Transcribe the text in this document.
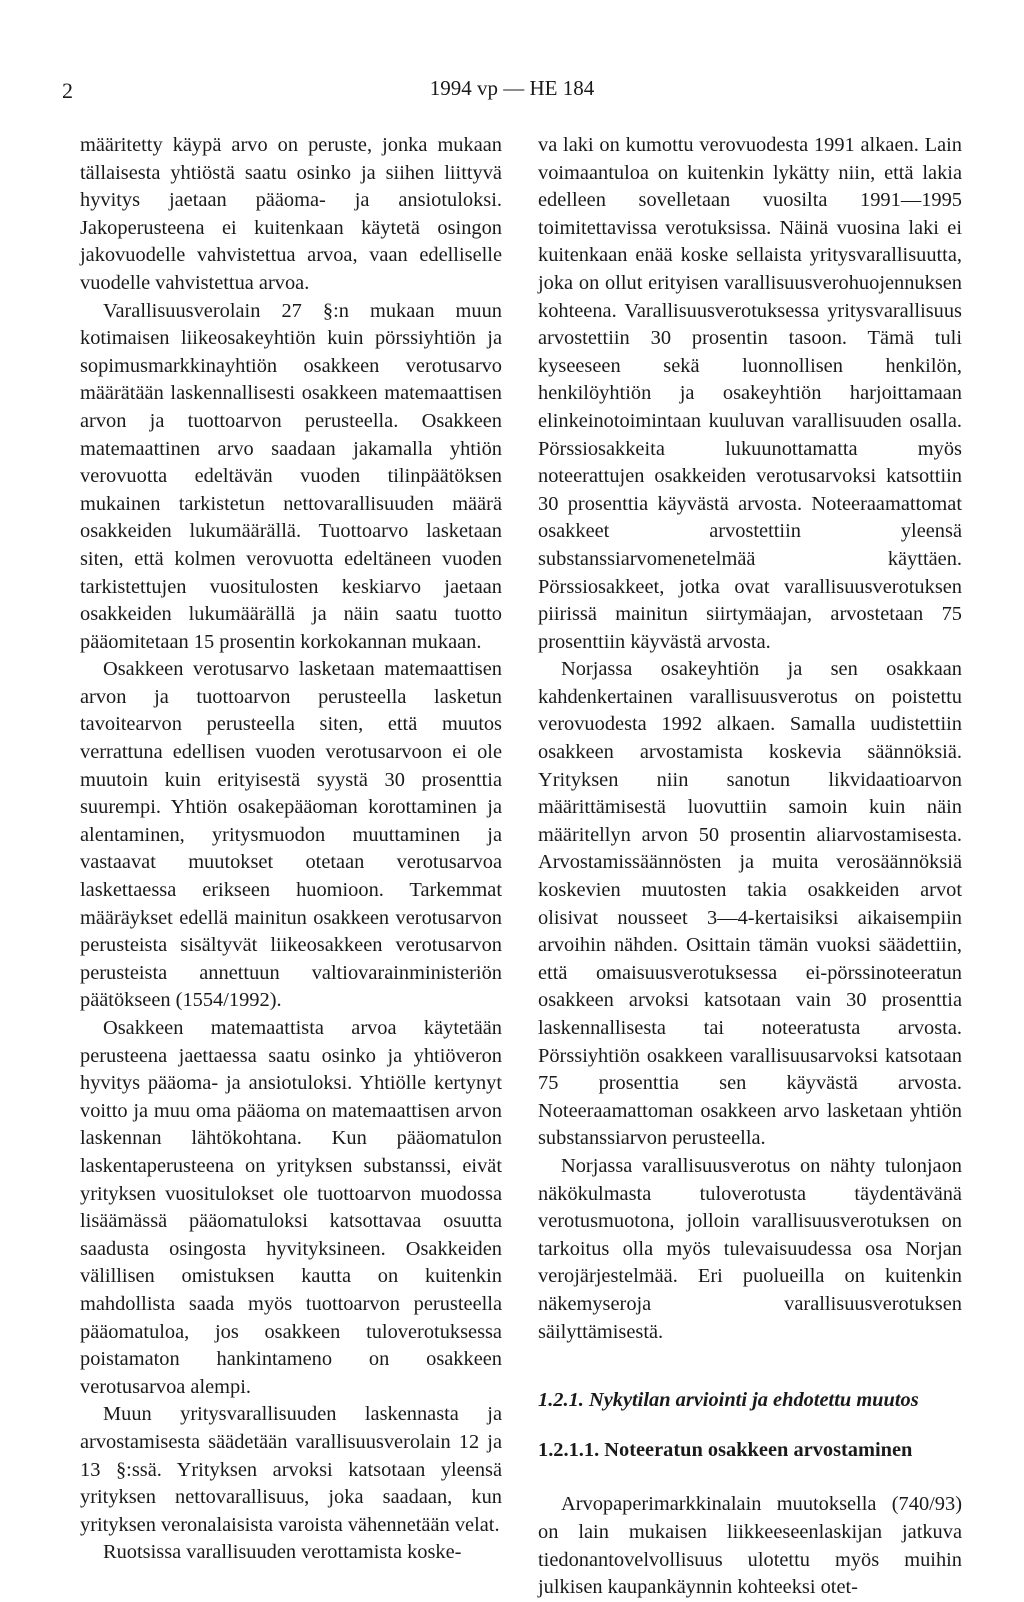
2	1994 vp — HE 184

määritetty käypä arvo on peruste, jonka mukaan tällaisesta yhtiöstä saatu osinko ja siihen liittyvä hyvitys jaetaan pääoma- ja ansiotuloksi. Jakoperusteena ei kuitenkaan käytetä osingon jakovuodelle vahvistettua arvoa, vaan edelliselle vuodelle vahvistettua arvoa.

Varallisuusverolain 27 §:n mukaan muun kotimaisen liikeosakeyhtiön kuin pörssiyhtiön ja sopimusmarkkinayhtiön osakkeen verotusarvo määrätään laskennallisesti osakkeen matemaattisen arvon ja tuottoarvon perusteella. Osakkeen matemaattinen arvo saadaan jakamalla yhtiön verovuotta edeltävän vuoden tilinpäätöksen mukainen tarkistetun nettovarallisuuden määrä osakkeiden lukumäärällä. Tuottoarvo lasketaan siten, että kolmen verovuotta edeltäneen vuoden tarkistettujen vuositulosten keskiarvo jaetaan osakkeiden lukumäärällä ja näin saatu tuotto pääomitetaan 15 prosentin korkokannan mukaan.

Osakkeen verotusarvo lasketaan matemaattisen arvon ja tuottoarvon perusteella lasketun tavoitearvon perusteella siten, että muutos verrattuna edellisen vuoden verotusarvoon ei ole muutoin kuin erityisestä syystä 30 prosenttia suurempi. Yhtiön osakepääoman korottaminen ja alentaminen, yritysmuodon muuttaminen ja vastaavat muutokset otetaan verotusarvoa laskettaessa erikseen huomioon. Tarkemmat määräykset edellä mainitun osakkeen verotusarvon perusteista sisältyvät liikeosakkeen verotusarvon perusteista annettuun valtiovarainministeriön päätökseen (1554/1992).

Osakkeen matemaattista arvoa käytetään perusteena jaettaessa saatu osinko ja yhtiöveron hyvitys pääoma- ja ansiotuloksi. Yhtiölle kertynyt voitto ja muu oma pääoma on matemaattisen arvon laskennan lähtökohtana. Kun pääomatulon laskentaperusteena on yrityksen substanssi, eivät yrityksen vuositulokset ole tuottoarvon muodossa lisäämässä pääomatuloksi katsottavaa osuutta saadusta osingosta hyvityksineen. Osakkeiden välillisen omistuksen kautta on kuitenkin mahdollista saada myös tuottoarvon perusteella pääomatuloa, jos osakkeen tuloverotuksessa poistamaton hankintameno on osakkeen verotusarvoa alempi.

Muun yritysvarallisuuden laskennasta ja arvostamisesta säädetään varallisuusverolain 12 ja 13 §:ssä. Yrityksen arvoksi katsotaan yleensä yrityksen nettovarallisuus, joka saadaan, kun yrityksen veronalaisista varoista vähennetään velat.

Ruotsissa varallisuuden verottamista koske-

va laki on kumottu verovuodesta 1991 alkaen. Lain voimaantuloa on kuitenkin lykätty niin, että lakia edelleen sovelletaan vuosilta 1991—1995 toimitettavissa verotuksissa. Näinä vuosina laki ei kuitenkaan enää koske sellaista yritysvarallisuutta, joka on ollut erityisen varallisuusverohuojennuksen kohteena. Varallisuusverotuksessa yritysvarallisuus arvostettiin 30 prosentin tasoon. Tämä tuli kyseeseen sekä luonnollisen henkilön, henkilöyhtiön ja osakeyhtiön harjoittamaan elinkeinotoimintaan kuuluvan varallisuuden osalla. Pörssiosakkeita lukuunottamatta myös noteerattujen osakkeiden verotusarvoksi katsottiin 30 prosenttia käyvästä arvosta. Noteeraamattomat osakkeet arvostettiin yleensä substanssiarvomenetelmää käyttäen. Pörssiosakkeet, jotka ovat varallisuusverotuksen piirissä mainitun siirtymäajan, arvostetaan 75 prosenttiin käyvästä arvosta.

Norjassa osakeyhtiön ja sen osakkaan kahdenkertainen varallisuusverotus on poistettu verovuodesta 1992 alkaen. Samalla uudistettiin osakkeen arvostamista koskevia säännöksiä. Yrityksen niin sanotun likvidaatioarvon määrittämisestä luovuttiin samoin kuin näin määritellyn arvon 50 prosentin aliarvostamisesta. Arvostamissäännösten ja muita verosäännöksiä koskevien muutosten takia osakkeiden arvot olisivat nousseet 3—4-kertaisiksi aikaisempiin arvoihin nähden. Osittain tämän vuoksi säädettiin, että omaisuusverotuksessa ei-pörssinoteeratun osakkeen arvoksi katsotaan vain 30 prosenttia laskennallisesta tai noteeratusta arvosta. Pörssiyhtiön osakkeen varallisuusarvoksi katsotaan 75 prosenttia sen käyvästä arvosta. Noteeraamattoman osakkeen arvo lasketaan yhtiön substanssiarvon perusteella.

Norjassa varallisuusverotus on nähty tulonjaon näkökulmasta tuloverotusta täydentävänä verotusmuotona, jolloin varallisuusverotuksen on tarkoitus olla myös tulevaisuudessa osa Norjan verojärjestelmää. Eri puolueilla on kuitenkin näkemyseroja varallisuusverotuksen säilyttämisestä.

1.2.1. Nykytilan arviointi ja ehdotettu muutos
1.2.1.1. Noteeratun osakkeen arvostaminen

Arvopaperimarkkinalain muutoksella (740/93) on lain mukaisen liikkeeseenlaskijan jatkuva tiedonantovelvollisuus ulotettu myös muihin julkisen kaupankäynnin kohteeksi otet-
